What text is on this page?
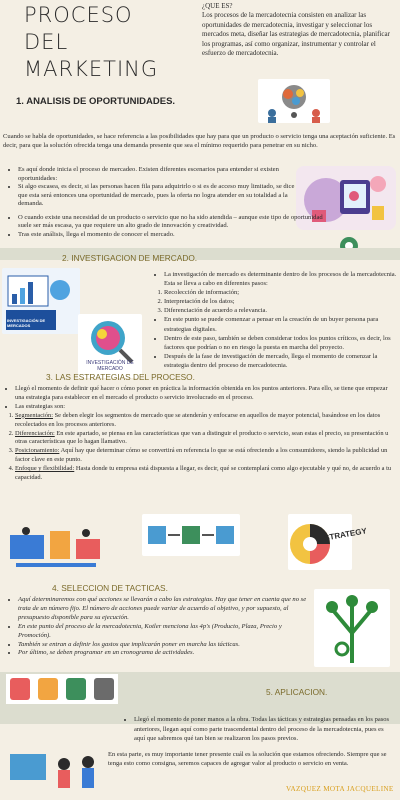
PROCESO
DEL
MARKETING
¿QUE ES?
Los procesos de la mercadotecnia consisten en analizar las oportunidades de mercadotecnia, investigar y seleccionar los mercados meta, diseñar las estrategias de mercadotecnia, planificar los programas, así como organizar, instrumentar y controlar el esfuerzo de mercadotecnia.
1. ANALISIS DE OPORTUNIDADES.
Cuando se habla de oportunidades, se hace referencia a las posibilidades que hay para que un producto o servicio tenga una aceptación suficiente. Es decir, para que la solución ofrecida tenga una demanda presente que sea el mínimo requerido para penetrar en su nicho.
• Es aquí donde inicia el proceso de mercadeo. Existen diferentes escenarios para entender si existen oportunidades:
• Si algo escasea, es decir, si las personas hacen fila para adquirirlo o si es de acceso muy limitado, se dice que esta será entonces una oportunidad de mercado, pues la oferta no logra atender en su totalidad a la demanda.
• O cuando existe una necesidad de un producto o servicio que no ha sido atendida – aunque este tipo de oportunidad suele ser más escasa, ya que requiere un alto grado de innovación y creatividad.
• Tras este análisis, llega el momento de conocer el mercado.
2. INVESTIGACION DE MERCADO.
INVESTIGACIÓN DE MERCADOS
INVESTIGACIÓN DE MERCADO
• La investigación de mercado es determinante dentro de los procesos de la mercadotecnia. Esta se lleva a cabo en diferentes pasos:
1. Recolección de información;
2. Interpretación de los datos;
3. Diferenciación de acuerdo a relevancia.
• En este punto se puede comenzar a pensar en la creación de un buyer persona para estrategias digitales.
• Dentro de este paso, también se deben considerar todos los puntos críticos, es decir, los factores que podrían o no en riesgo la puesta en marcha del proyecto.
• Después de la fase de investigación de mercado, llega el momento de comenzar la estrategia dentro del proceso de mercadotecnia.
3. LAS ESTRATEGIAS DEL PROCESO.
• Llegó el momento de definir qué hacer o cómo poner en práctica la información obtenida en los puntos anteriores. Para ello, se tiene que empezar una estrategia para establecer en el mercado el producto o servicio involucrado en el proceso.
• Las estrategias son:
1. Segmentación: Se deben elegir los segmentos de mercado que se atenderán y enfocarse en aquellos de mayor potencial, basándose en los datos recolectados en los procesos anteriores.
2. Diferenciación: En este apartado, se piensa en las características que van a distinguir el producto o servicio, sean estas el precio, su presentación u otras características que lo hagan llamativo.
3. Posicionamiento: Aquí hay que determinar cómo se convertirá en referencia lo que se está ofreciendo a los consumidores, siendo la publicidad un factor clave en este punto.
4. Enfoque y flexibilidad: Hasta donde tu empresa está dispuesta a llegar, es decir, qué se contemplará como algo ejecutable y qué no, de acuerdo a tu capacidad.
STRATEGY
4. SELECCION DE TACTICAS.
• Aquí determinaremos con qué acciones se llevarán a cabo las estrategias. Hay que tener en cuenta que no se trata de un número fijo. El número de acciones puede variar de acuerdo al objetivo, y por supuesto, al presupuesto disponible para su ejecución.
• En este punto del proceso de la mercadotecnia, Kotler menciona las 4p's (Producto, Plaza, Precio y Promoción).
• También se entran a definir los gastos que implicarán poner en marcha las tácticas.
• Por último, se deben programar en un cronograma de actividades.
5. APLICACION.
• Llegó el momento de poner manos a la obra. Todas las tácticas y estrategias pensadas en los pasos anteriores, llegan aquí como parte trascendental dentro del proceso de la mercadotecnia, pues es aquí que sabremos qué tan bien se realizaron los pasos previos.
En esta parte, es muy importante tener presente cuál es la solución que estamos ofreciendo. Siempre que se tenga esto como consigna, seremos capaces de agregar valor al producto o servicio en venta.
VAZQUEZ MOTA JACQUELINE
